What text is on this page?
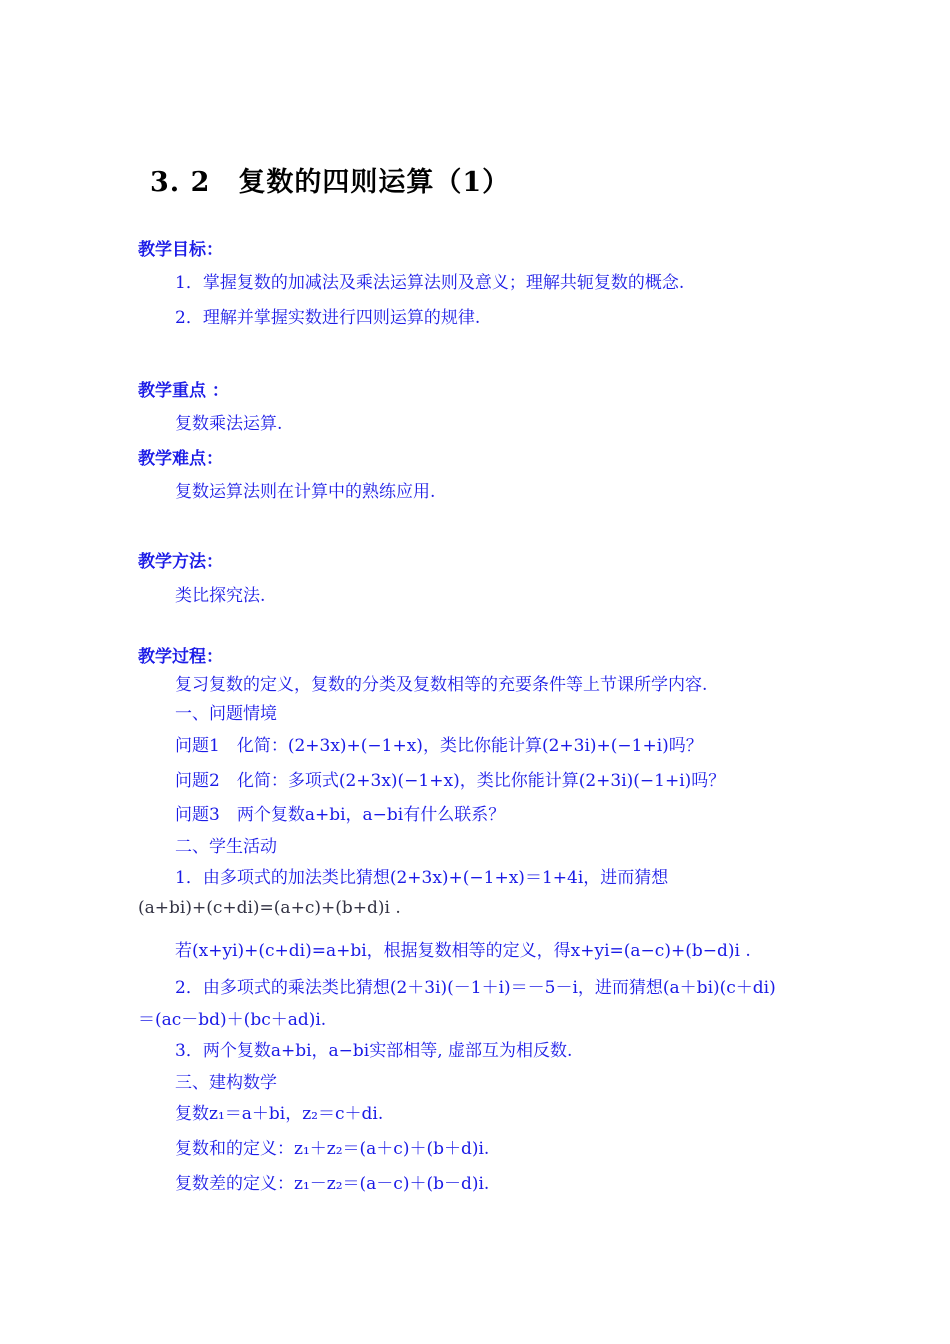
3. 2　复数的四则运算（1）
教学目标：
1．掌握复数的加减法及乘法运算法则及意义；理解共轭复数的概念.
2．理解并掌握实数进行四则运算的规律.
教学重点 ：
复数乘法运算.
教学难点：
复数运算法则在计算中的熟练应用.
教学方法：
类比探究法.
教学过程：
复习复数的定义，复数的分类及复数相等的充要条件等上节课所学内容.
一、问题情境
问题1　化简：(2+3x)+(−1+x)，类比你能计算(2+3i)+(−1+i)吗？
问题2　化简：多项式(2+3x)(−1+x)，类比你能计算(2+3i)(−1+i)吗？
问题3　两个复数a+bi，a−bi有什么联系？
二、学生活动
1．由多项式的加法类比猜想(2+3x)+(−1+x)＝1+4i，进而猜想
(a+bi)+(c+di)=(a+c)+(b+d)i .
若(x+yi)+(c+di)=a+bi，根据复数相等的定义，得x+yi=(a−c)+(b−d)i .
2．由多项式的乘法类比猜想(2＋3i)(－1＋i)＝－5－i，进而猜想(a＋bi)(c＋di)
＝(ac－bd)＋(bc＋ad)i.
3．两个复数a+bi，a−bi实部相等, 虚部互为相反数.
三、建构数学
复数z₁＝a＋bi，z₂＝c＋di.
复数和的定义：z₁＋z₂＝(a＋c)＋(b＋d)i.
复数差的定义：z₁－z₂＝(a－c)＋(b－d)i.
